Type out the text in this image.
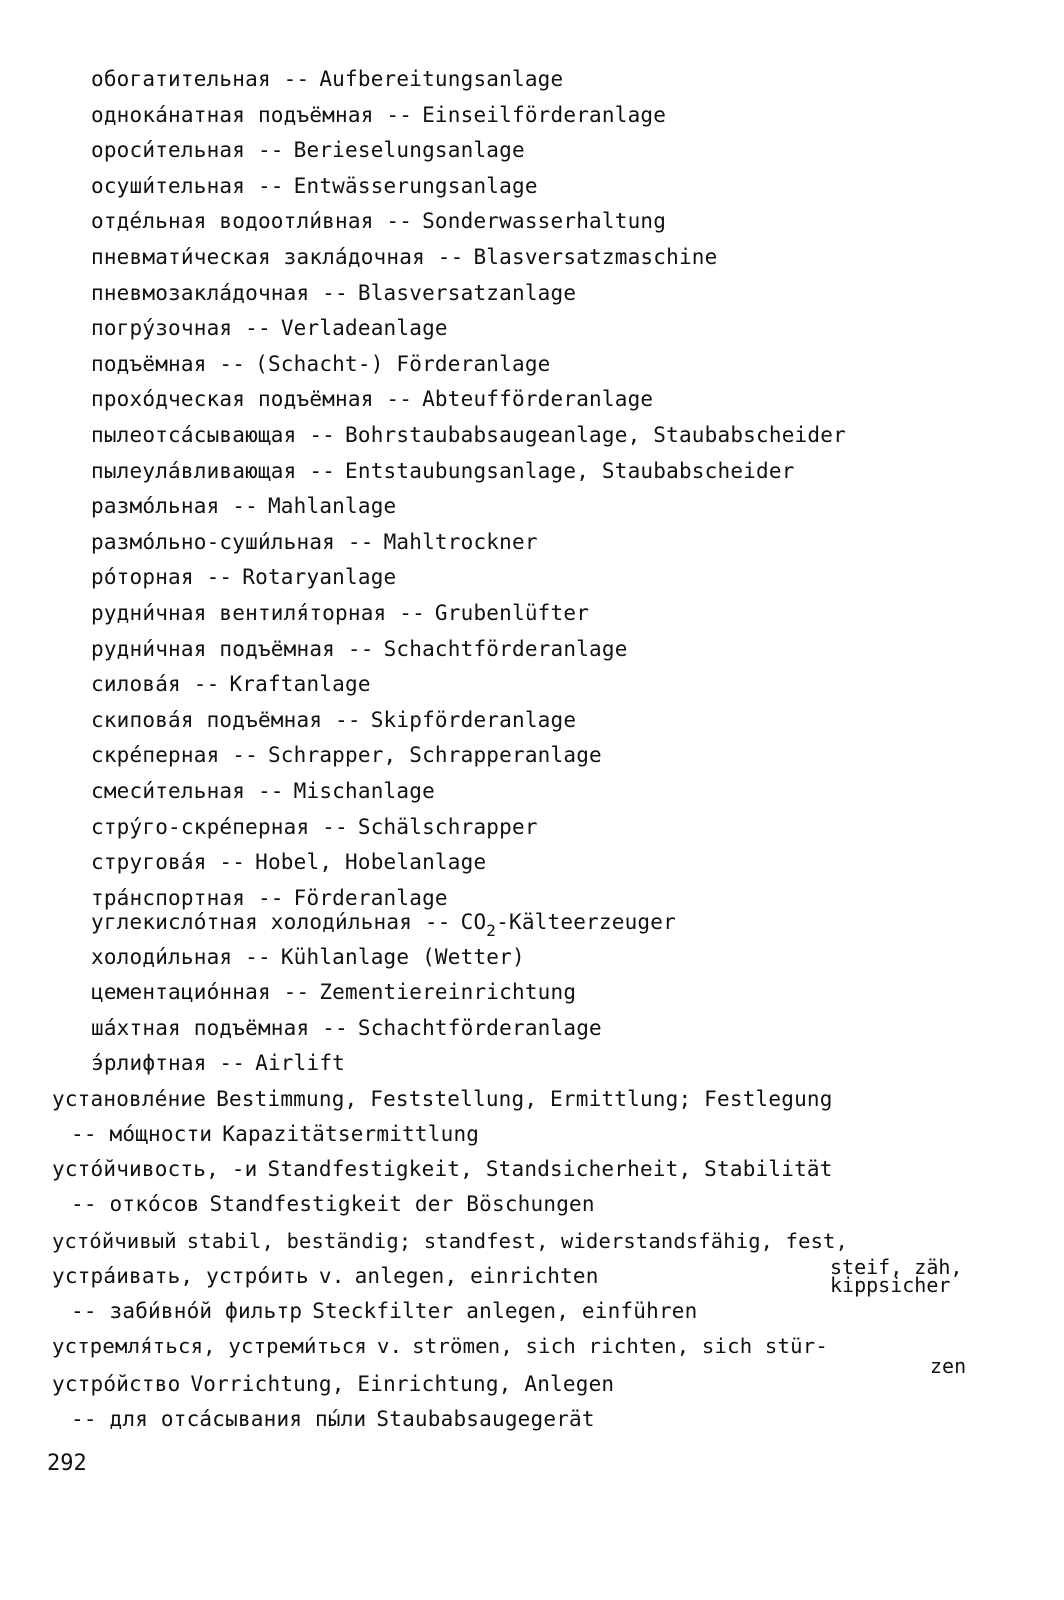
обогатительная -- Aufbereitungsanlage
однока́натная подъёмная -- Einseilförderanlage
ороси́тельная -- Berieselungsanlage
осуши́тельная -- Entwässerungsanlage
отде́льная водоотли́вная -- Sonderwasserhaltung
пневмати́ческая закла́дочная -- Blasversatzmaschine
пневмозакла́дочная -- Blasversatzanlage
погру́зочная -- Verladeanlage
подъёмная -- (Schacht-) Förderanlage
прохо́дческая подъёмная -- Abteufförderanlage
пылеотса́сывающая -- Bohrstaubabsaugeanlage, Staubabscheider
пылеула́вливающая -- Entstaubungsanlage, Staubabscheider
размо́льная -- Mahlanlage
размо́льно-суши́льная -- Mahltrockner
ро́торная -- Rotaryanlage
рудни́чная вентиля́торная -- Grubenlüfter
рудни́чная подъёмная -- Schachtförderanlage
силова́я -- Kraftanlage
скипова́я подъёмная -- Skipförderanlage
скре́перная -- Schrapper, Schrapperanlage
смеси́тельная -- Mischanlage
стру́го-скре́перная -- Schälschrapper
стругова́я -- Hobel, Hobelanlage
тра́нспортная -- Förderanlage
углекисло́тная холоди́льная -- $CO_2$-Kälteerzeuger
холоди́льная -- Kühlanlage (Wetter)
цементацио́нная -- Zementiereinrichtung
ша́хтная подъёмная -- Schachtförderanlage
э́рлифтная -- Airlift
установле́ние Bestimmung, Feststellung, Ermittlung; Festlegung
-- мо́щности Kapazitätsermittlung
усто́йчивость, -и Standfestigkeit, Standsicherheit, Stabilität
-- отко́сов Standfestigkeit der Böschungen
усто́йчивый stabil, beständig; standfest, widerstandsfähig, fest,
steif, zäh,
kippsicher
устра́ивать, устро́ить v. anlegen, einrichten
-- заби́вно́й фильтр Steckfilter anlegen, einführen
устремля́ться, устреми́ться v. strömen, sich richten, sich stür-
zen
устро́йство Vorrichtung, Einrichtung, Anlegen
-- для отса́сывания пы́ли Staubabsaugegerät
292
